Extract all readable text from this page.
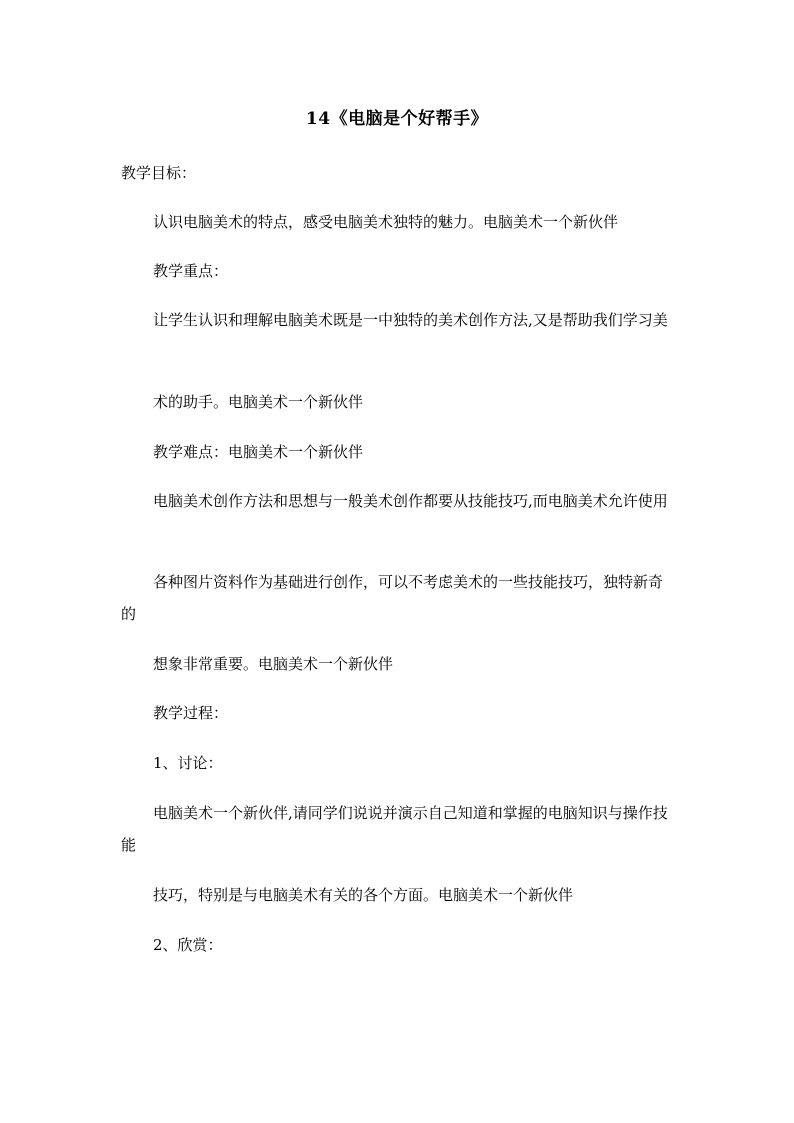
14《电脑是个好帮手》
教学目标：
认识电脑美术的特点，感受电脑美术独特的魅力。电脑美术一个新伙伴
教学重点：
让学生认识和理解电脑美术既是一中独特的美术创作方法,又是帮助我们学习美
术的助手。电脑美术一个新伙伴
教学难点：电脑美术一个新伙伴
电脑美术创作方法和思想与一般美术创作都要从技能技巧,而电脑美术允许使用
各种图片资料作为基础进行创作，可以不考虑美术的一些技能技巧，独特新奇的
想象非常重要。电脑美术一个新伙伴
教学过程：
1、讨论：
电脑美术一个新伙伴,请同学们说说并演示自己知道和掌握的电脑知识与操作技能
技巧，特别是与电脑美术有关的各个方面。电脑美术一个新伙伴
2、欣赏：
